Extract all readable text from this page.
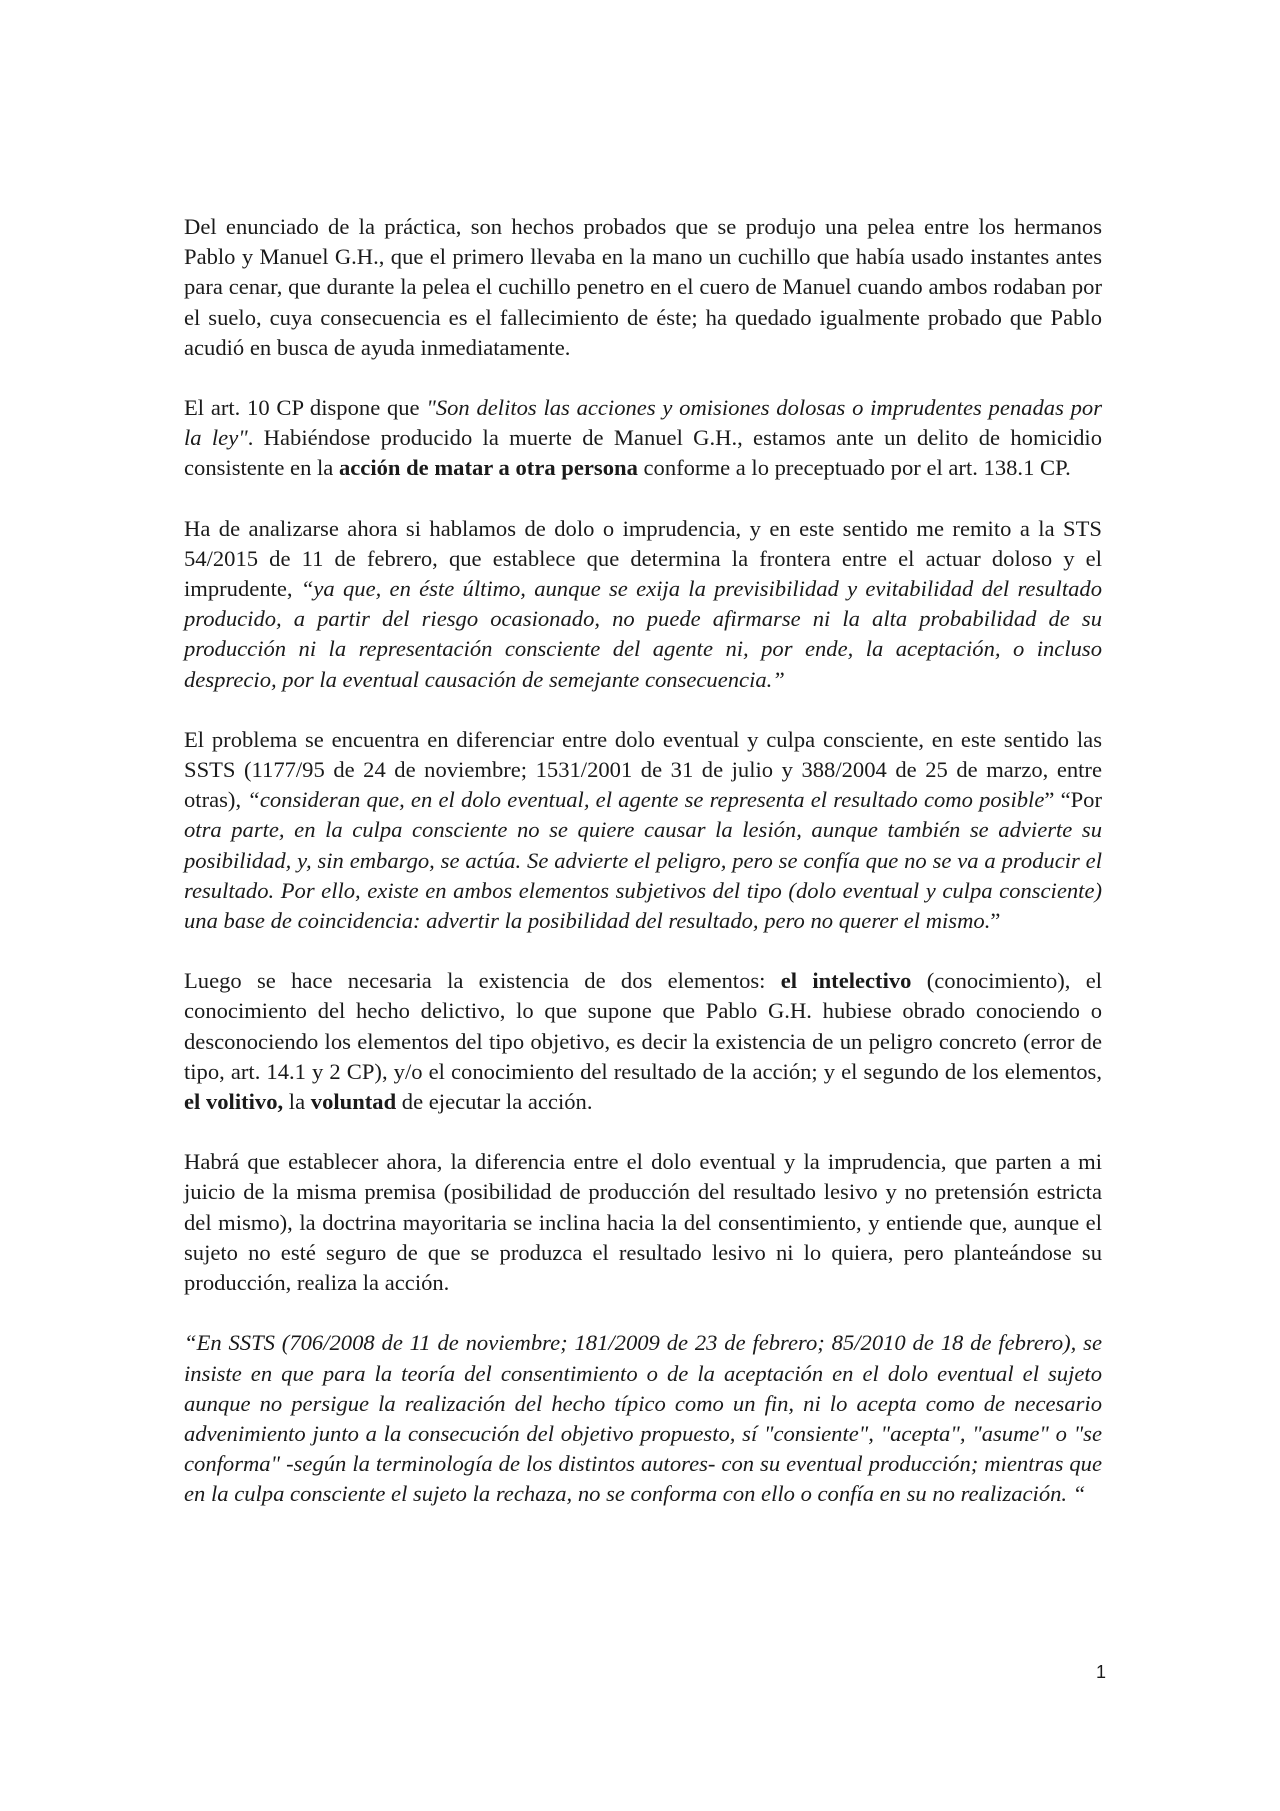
Del enunciado de la práctica, son hechos probados que se produjo una pelea entre los hermanos Pablo y Manuel G.H., que el primero llevaba en la mano un cuchillo que había usado instantes antes para cenar, que durante la pelea el cuchillo penetro en el cuero de Manuel cuando ambos rodaban por el suelo, cuya consecuencia es el fallecimiento de éste; ha quedado igualmente probado que Pablo acudió en busca de ayuda inmediatamente.

El art. 10 CP dispone que "Son delitos las acciones y omisiones dolosas o imprudentes penadas por la ley". Habiéndose producido la muerte de Manuel G.H., estamos ante un delito de homicidio consistente en la acción de matar a otra persona conforme a lo preceptuado por el art. 138.1 CP.

Ha de analizarse ahora si hablamos de dolo o imprudencia, y en este sentido me remito a la STS 54/2015 de 11 de febrero, que establece que determina la frontera entre el actuar doloso y el imprudente, “ya que, en éste último, aunque se exija la previsibilidad y evitabilidad del resultado producido, a partir del riesgo ocasionado, no puede afirmarse ni la alta probabilidad de su producción ni la representación consciente del agente ni, por ende, la aceptación, o incluso desprecio, por la eventual causación de semejante consecuencia.”

El problema se encuentra en diferenciar entre dolo eventual y culpa consciente, en este sentido las SSTS (1177/95 de 24 de noviembre; 1531/2001 de 31 de julio y 388/2004 de 25 de marzo, entre otras), “consideran que, en el dolo eventual, el agente se representa el resultado como posible” “Por otra parte, en la culpa consciente no se quiere causar la lesión, aunque también se advierte su posibilidad, y, sin embargo, se actúa. Se advierte el peligro, pero se confía que no se va a producir el resultado. Por ello, existe en ambos elementos subjetivos del tipo (dolo eventual y culpa consciente) una base de coincidencia: advertir la posibilidad del resultado, pero no querer el mismo.”

Luego se hace necesaria la existencia de dos elementos: el intelectivo (conocimiento), el conocimiento del hecho delictivo, lo que supone que Pablo G.H. hubiese obrado conociendo o desconociendo los elementos del tipo objetivo, es decir la existencia de un peligro concreto (error de tipo, art. 14.1 y 2 CP), y/o el conocimiento del resultado de la acción; y el segundo de los elementos, el volitivo, la voluntad de ejecutar la acción.

Habrá que establecer ahora, la diferencia entre el dolo eventual y la imprudencia, que parten a mi juicio de la misma premisa (posibilidad de producción del resultado lesivo y no pretensión estricta del mismo), la doctrina mayoritaria se inclina hacia la del consentimiento, y entiende que, aunque el sujeto no esté seguro de que se produzca el resultado lesivo ni lo quiera, pero planteándose su producción, realiza la acción.

“En SSTS (706/2008 de 11 de noviembre; 181/2009 de 23 de febrero; 85/2010 de 18 de febrero), se insiste en que para la teoría del consentimiento o de la aceptación en el dolo eventual el sujeto aunque no persigue la realización del hecho típico como un fin, ni lo acepta como de necesario advenimiento junto a la consecución del objetivo propuesto, sí "consiente", "acepta", "asume" o "se conforma" -según la terminología de los distintos autores- con su eventual producción; mientras que en la culpa consciente el sujeto la rechaza, no se conforma con ello o confía en su no realización. “

1
